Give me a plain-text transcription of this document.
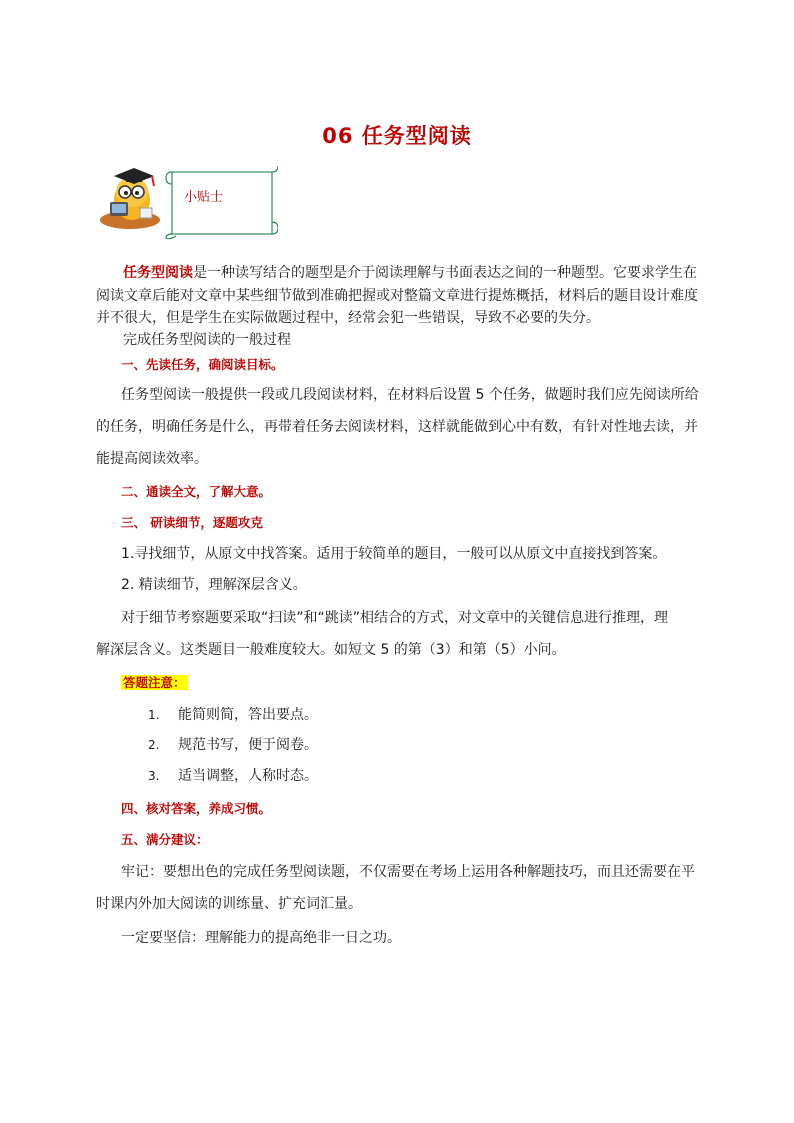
06 任务型阅读
小贴士
任务型阅读是一种读写结合的题型是介于阅读理解与书面表达之间的一种题型。它要求学生在
阅读文章后能对文章中某些细节做到准确把握或对整篇文章进行提炼概括，材料后的题目设计难度
并不很大，但是学生在实际做题过程中，经常会犯一些错误，导致不必要的失分。
完成任务型阅读的一般过程
一、先读任务，确阅读目标。
任务型阅读一般提供一段或几段阅读材料，在材料后设置 5 个任务，做题时我们应先阅读所给
的任务，明确任务是什么，再带着任务去阅读材料，这样就能做到心中有数，有针对性地去读，并
能提高阅读效率。
二、通读全文，了解大意。
三、 研读细节，逐题攻克
1.寻找细节，从原文中找答案。适用于较简单的题目，一般可以从原文中直接找到答案。
2. 精读细节，理解深层含义。
对于细节考察题要采取“扫读”和“跳读”相结合的方式，对文章中的关键信息进行推理，理
解深层含义。这类题目一般难度较大。如短文 5 的第（3）和第（5）小问。
答题注意：
1. 能简则简，答出要点。
2. 规范书写，便于阅卷。
3. 适当调整，人称时态。
四、核对答案，养成习惯。
五、满分建议：
牢记：要想出色的完成任务型阅读题，不仅需要在考场上运用各种解题技巧，而且还需要在平
时课内外加大阅读的训练量、扩充词汇量。
一定要坚信：理解能力的提高绝非一日之功。
